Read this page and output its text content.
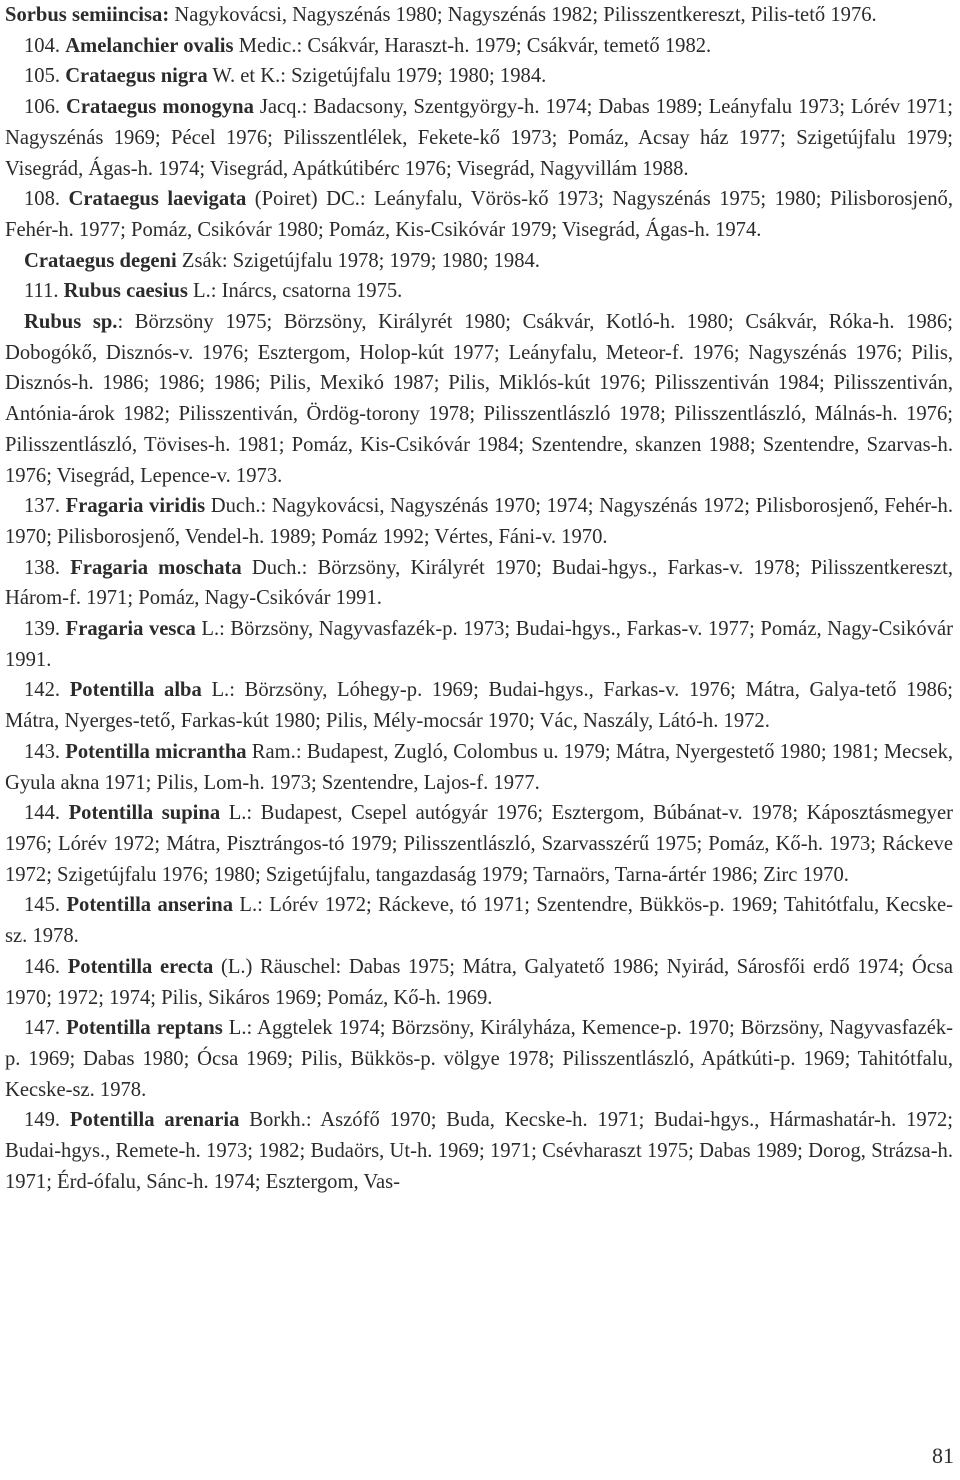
Sorbus semiincisa: Nagykovácsi, Nagyszénás 1980; Nagyszénás 1982; Pilisszentkereszt, Pilis-tető 1976.

104. Amelanchier ovalis Medic.: Csákvár, Haraszt-h. 1979; Csákvár, temető 1982.

105. Crataegus nigra W. et K.: Szigetújfalu 1979; 1980; 1984.

106. Crataegus monogyna Jacq.: Badacsony, Szentgyörgy-h. 1974; Dabas 1989; Leányfalu 1973; Lórév 1971; Nagyszénás 1969; Pécel 1976; Pilisszentlélek, Fekete-kő 1973; Pomáz, Acsay ház 1977; Szigetújfalu 1979; Visegrád, Ágas-h. 1974; Visegrád, Apátkútibérc 1976; Visegrád, Nagyvillám 1988.

108. Crataegus laevigata (Poiret) DC.: Leányfalu, Vörös-kő 1973; Nagyszénás 1975; 1980; Pilisborosjenő, Fehér-h. 1977; Pomáz, Csikóvár 1980; Pomáz, Kis-Csikóvár 1979; Visegrád, Ágas-h. 1974.

Crataegus degeni Zsák: Szigetújfalu 1978; 1979; 1980; 1984.

111. Rubus caesius L.: Inárcs, csatorna 1975.

Rubus sp.: Börzsöny 1975; Börzsöny, Királyrét 1980; Csákvár, Kotló-h. 1980; Csákvár, Róka-h. 1986; Dobogókő, Disznós-v. 1976; Esztergom, Holop-kút 1977; Leányfalu, Meteor-f. 1976; Nagyszénás 1976; Pilis, Disznós-h. 1986; 1986; 1986; Pilis, Mexikó 1987; Pilis, Miklós-kút 1976; Pilisszentiván 1984; Pilisszentiván, Antónia-árok 1982; Pilisszentiván, Ördög-torony 1978; Pilisszentlászló 1978; Pilisszentlászló, Málnás-h. 1976; Pilisszentlászló, Tövises-h. 1981; Pomáz, Kis-Csikóvár 1984; Szentendre, skanzen 1988; Szentendre, Szarvas-h. 1976; Visegrád, Lepence-v. 1973.

137. Fragaria viridis Duch.: Nagykovácsi, Nagyszénás 1970; 1974; Nagyszénás 1972; Pilisborosjenő, Fehér-h. 1970; Pilisborosjenő, Vendel-h. 1989; Pomáz 1992; Vértes, Fáni-v. 1970.

138. Fragaria moschata Duch.: Börzsöny, Királyrét 1970; Budai-hgys., Farkas-v. 1978; Pilisszentkereszt, Három-f. 1971; Pomáz, Nagy-Csikóvár 1991.

139. Fragaria vesca L.: Börzsöny, Nagyvasfazék-p. 1973; Budai-hgys., Farkas-v. 1977; Pomáz, Nagy-Csikóvár 1991.

142. Potentilla alba L.: Börzsöny, Lóhegy-p. 1969; Budai-hgys., Farkas-v. 1976; Mátra, Galya-tető 1986; Mátra, Nyerges-tető, Farkas-kút 1980; Pilis, Mély-mocsár 1970; Vác, Naszály, Látó-h. 1972.

143. Potentilla micrantha Ram.: Budapest, Zugló, Colombus u. 1979; Mátra, Nyergestető 1980; 1981; Mecsek, Gyula akna 1971; Pilis, Lom-h. 1973; Szentendre, Lajos-f. 1977.

144. Potentilla supina L.: Budapest, Csepel autógyár 1976; Esztergom, Búbánat-v. 1978; Káposztásmegyer 1976; Lórév 1972; Mátra, Pisztrángos-tó 1979; Pilisszentlászló, Szarvasszérű 1975; Pomáz, Kő-h. 1973; Ráckeve 1972; Szigetújfalu 1976; 1980; Szigetújfalu, tangazdaság 1979; Tarnaörs, Tarna-ártér 1986; Zirc 1970.

145. Potentilla anserina L.: Lórév 1972; Ráckeve, tó 1971; Szentendre, Bükkös-p. 1969; Tahitótfalu, Kecske-sz. 1978.

146. Potentilla erecta (L.) Räuschel: Dabas 1975; Mátra, Galyatető 1986; Nyirád, Sárosfői erdő 1974; Ócsa 1970; 1972; 1974; Pilis, Sikáros 1969; Pomáz, Kő-h. 1969.

147. Potentilla reptans L.: Aggtelek 1974; Börzsöny, Királyháza, Kemence-p. 1970; Börzsöny, Nagyvasfazék-p. 1969; Dabas 1980; Ócsa 1969; Pilis, Bükkös-p. völgye 1978; Pilisszentlászló, Apátkúti-p. 1969; Tahitótfalu, Kecske-sz. 1978.

149. Potentilla arenaria Borkh.: Aszófő 1970; Buda, Kecske-h. 1971; Budai-hgys., Hármashatár-h. 1972; Budai-hgys., Remete-h. 1973; 1982; Budaörs, Ut-h. 1969; 1971; Csévharaszt 1975; Dabas 1989; Dorog, Strázsa-h. 1971; Érd-ófalu, Sánc-h. 1974; Esztergom, Vas-

81
